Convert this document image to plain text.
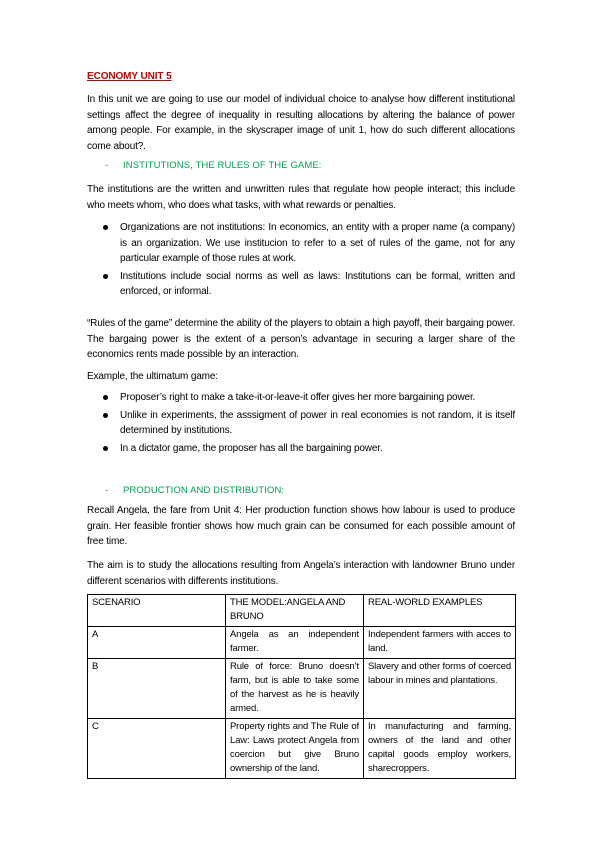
ECONOMY UNIT 5

In this unit we are going to use our model of individual choice to analyse how different institutional settings affect the degree of inequality in resulting allocations by altering the balance of power among people. For example, in the skyscraper image of unit 1, how do such different allocations come about?.

- INSTITUTIONS, THE RULES OF THE GAME:

The institutions are the written and unwritten rules that regulate how people interact; this include who meets whom, who does what tasks, with what rewards or penalties.

Organizations are not institutions: In economics, an entity with a proper name (a company) is an organization. We use institucion to refer to a set of rules of the game, not for any particular example of those rules at work.
Institutions include social norms as well as laws: Institutions can be formal, written and enforced, or informal.

“Rules of the game” determine the ability of the players to obtain a high payoff, their bargaing power. The bargaing power is the extent of a person’s advantage in securing a larger share of the economics rents made possible by an interaction.

Example, the ultimatum game:

Proposer’s right to make a take-it-or-leave-it offer gives her more bargaining power.
Unlike in experiments, the asssigment of power in real economies is not random, it is itself determined by institutions.
In a dictator game, the proposer has all the bargaining power.
- PRODUCTION AND DISTRIBUTION:

Recall Angela, the fare from Unit 4: Her production function shows how labour is used to produce grain. Her feasible frontier shows how much grain can be consumed for each possible amount of free time.

The aim is to study the allocations resulting from Angela’s interaction with landowner Bruno under different scenarios with differents institutions.

SCENARIO	THE MODEL:ANGELA AND BRUNO	REAL-WORLD EXAMPLES
A	Angela as an independent farmer.	Independent farmers with acces to land.
B	Rule of force: Bruno doesn’t farm, but is able to take some of the harvest as he is heavily armed.	Slavery and other forms of coerced labour in mines and plantations.
C	Property rights and The Rule of Law: Laws protect Angela from coercion but give Bruno ownership of the land.	In manufacturing and farming, owners of the land and other capital goods employ workers, sharecroppers.
